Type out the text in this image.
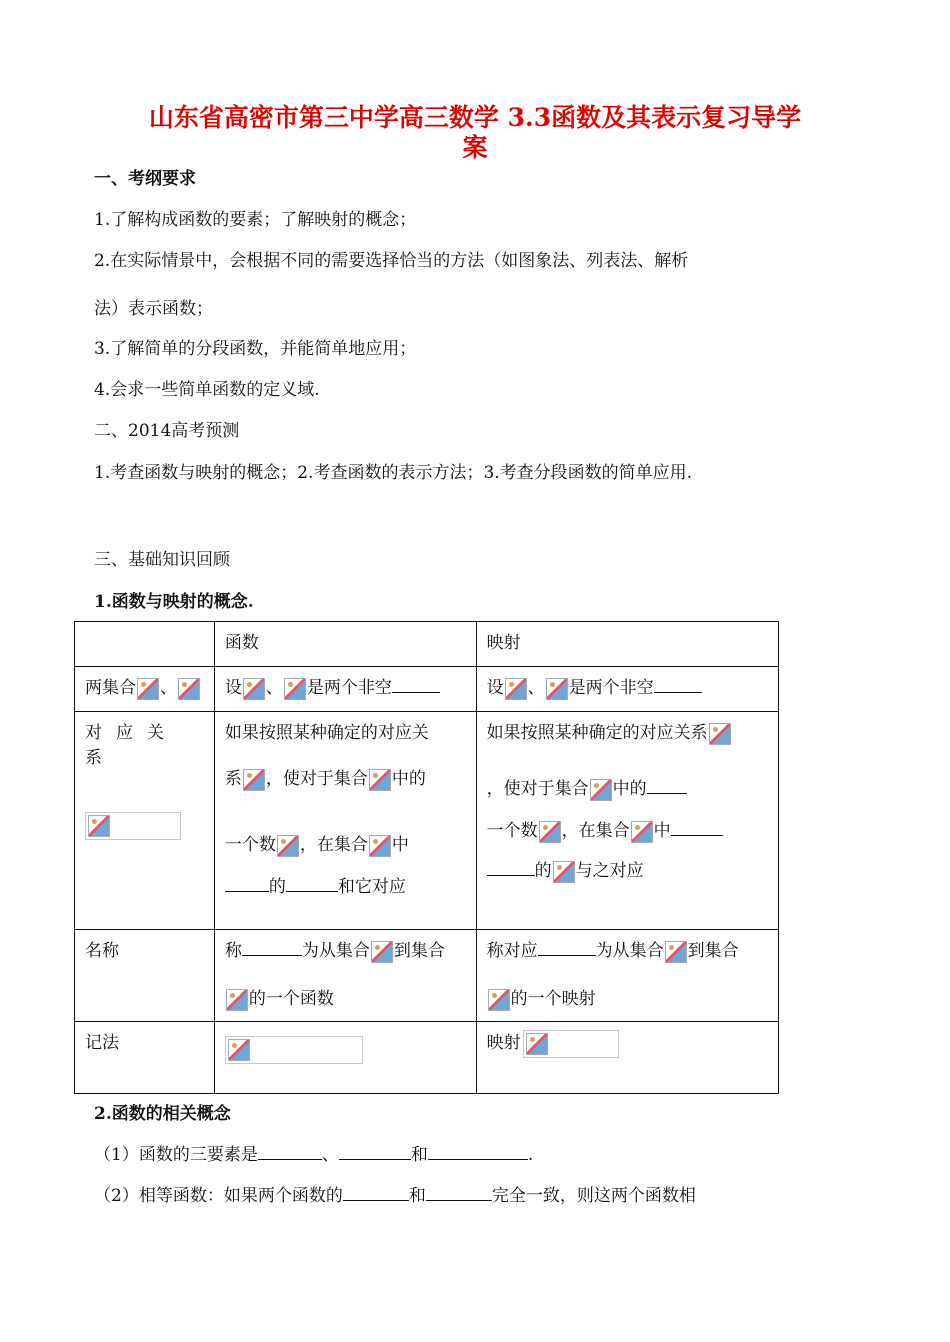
山东省高密市第三中学高三数学 3.3函数及其表示复习导学
案
一、考纲要求
1.了解构成函数的要素；了解映射的概念；
2.在实际情景中，会根据不同的需要选择恰当的方法（如图象法、列表法、解析
法）表示函数；
3.了解简单的分段函数，并能简单地应用；
4.会求一些简单函数的定义域.
二、2014高考预测
1.考查函数与映射的概念；2.考查函数的表示方法；3.考查分段函数的简单应用.
三、基础知识回顾
1.函数与映射的概念.
	函数	映射
两集合 、	设 、 是两个非空	设 、 是两个非空
对应关系	如果按照某种确定的对应关
系 ，使对于集合 中的
一个数 ，在集合 中
的 和它对应	如果按照某种确定的对应关系
，使对于集合 中的
一个数 ，在集合 中
的 与之对应

名称	称 为从集合 到集合
的一个函数	称对应 为从集合 到集合
的一个映射

记法		映射
2.函数的相关概念
（1）函数的三要素是	、	和	.
（2）相等函数：如果两个函数的	和	完全一致，则这两个函数相
